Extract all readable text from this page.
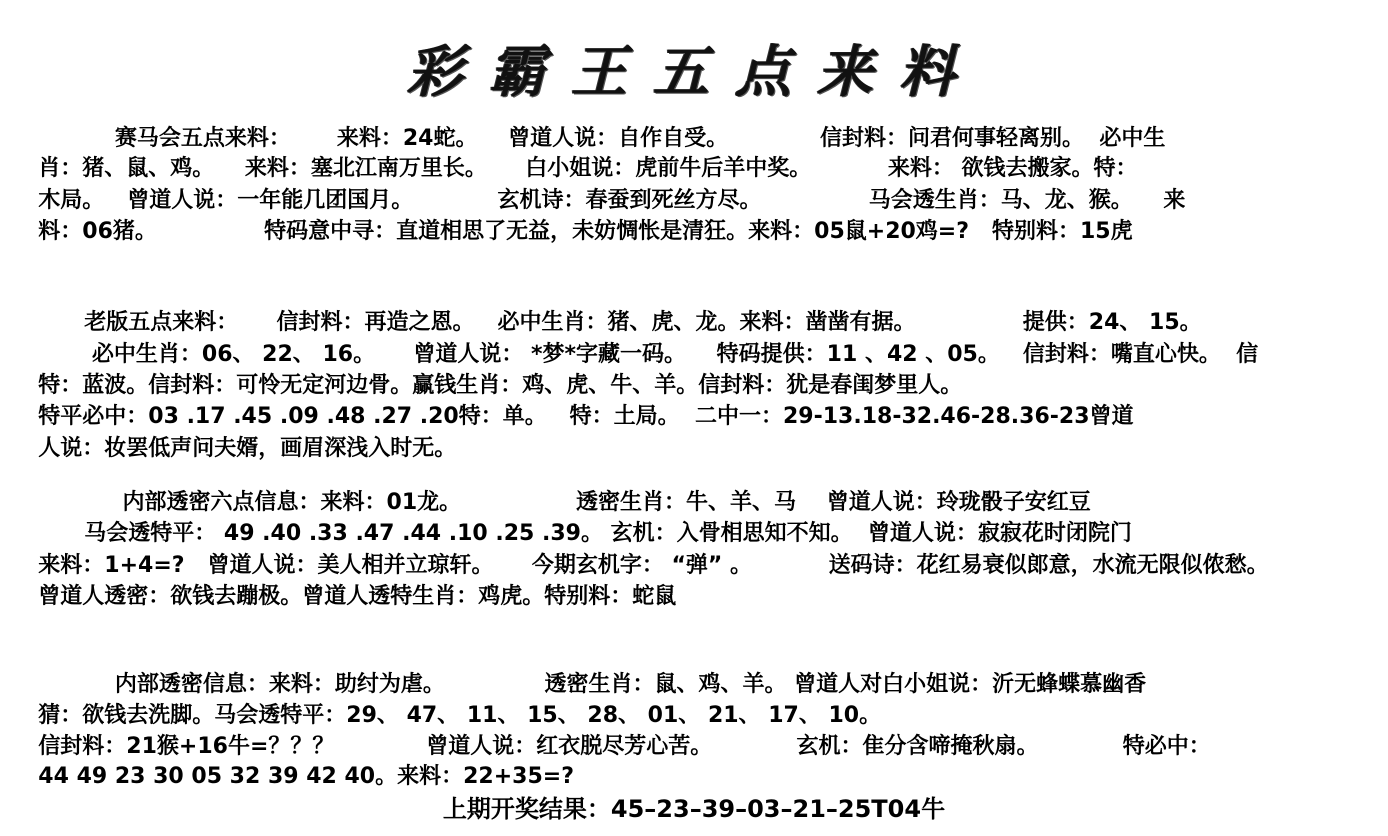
彩霸王五点来料
赛马会五点来料：      来料：24蛇。    曾道人说：自作自受。            信封料：问君何事轻离别。  必中生
肖：猪、鼠、鸡。    来料：塞北江南万里长。     白小姐说：虎前牛后羊中奖。          来料： 欲钱去搬家。特：
木局。   曾道人说：一年能几团国月。           玄机诗：春蚕到死丝方尽。              马会透生肖：马、龙、猴。    来
料：06猪。              特码意中寻：直道相思了无益，未妨惆怅是清狂。来料：05鼠+20鸡=?   特别料：15虎
老版五点来料：     信封料：再造之恩。   必中生肖：猪、虎、龙。来料：凿凿有据。              提供：24、 15。
必中生肖：06、 22、 16。     曾道人说： *梦*字藏一码。    特码提供：11 、42 、05。   信封料：嘴直心快。  信
特：蓝波。信封料：可怜无定河边骨。赢钱生肖：鸡、虎、牛、羊。信封料：犹是春闺梦里人。
特平必中：03 .17 .45 .09 .48 .27 .20特：单。   特：土局。  二中一：29-13.18-32.46-28.36-23曾道
人说：妆罢低声问夫婿，画眉深浅入时无。
内部透密六点信息：来料：01龙。               透密生肖：牛、羊、马    曾道人说：玲珑骰子安红豆
马会透特平： 49 .40 .33 .47 .44 .10 .25 .39。 玄机：入骨相思知不知。  曾道人说：寂寂花时闭院门
来料：1+4=?   曾道人说：美人相并立琼轩。     今期玄机字： “弹” 。          送码诗：花红易衰似郎意，水流无限似侬愁。
曾道人透密：欲钱去蹦极。曾道人透特生肖：鸡虎。特别料：蛇鼠
内部透密信息：来料：助纣为虐。             透密生肖：鼠、鸡、羊。 曾道人对白小姐说：沂无蜂蝶慕幽香
猜：欲钱去洗脚。马会透特平：29、 47、 11、 15、 28、 01、 21、 17、 10。
信封料：21猴+16牛=？？？            曾道人说：红衣脱尽芳心苦。           玄机：隹分含啼掩秋扇。           特必中：
44 49 23 30 05 32 39 42 40。来料：22+35=?
上期开奖结果：45–23–39–03–21–25T04牛
